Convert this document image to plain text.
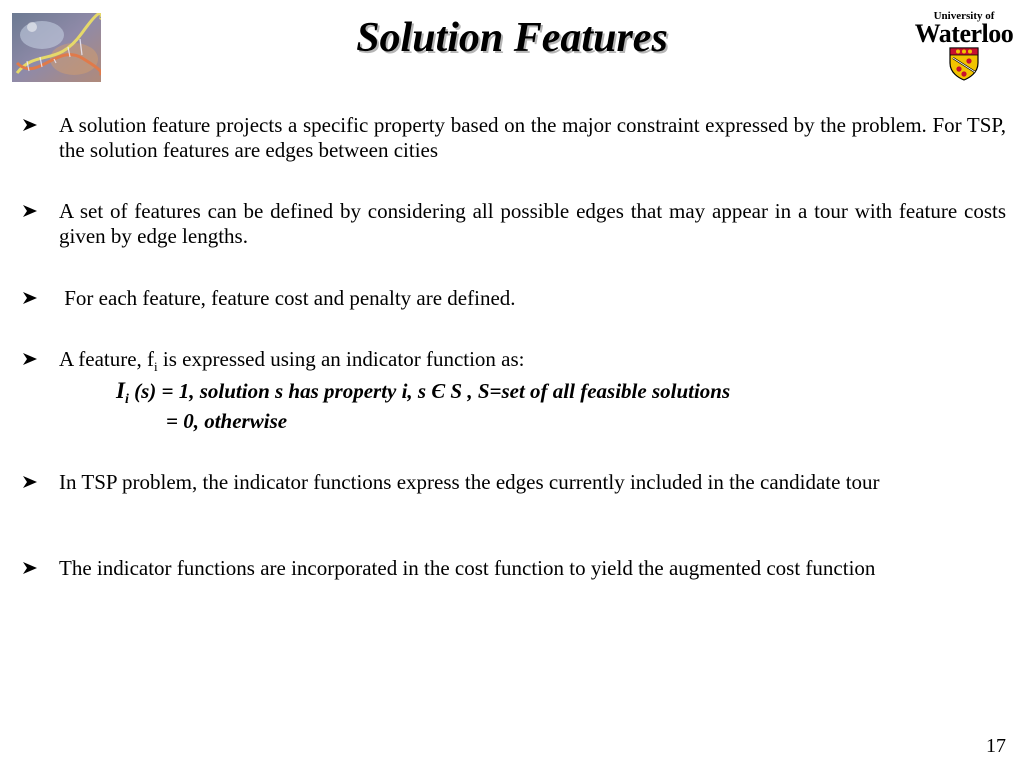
Solution Features	University of
Waterloo
A solution feature projects a specific property based on the major constraint expressed by the problem. For TSP, the solution features are edges between cities
A set of features can be defined by considering all possible edges that may appear in a tour with feature costs given by edge lengths.
For each feature, feature cost and penalty are defined.
A feature, $f_i$ is expressed using an indicator function as:
$I_i$ (s) = 1, solution s has property i, s Є S , S=set of all feasible solutions
= 0, otherwise
In TSP problem, the indicator functions express the edges currently included in the candidate tour
The indicator functions are incorporated in the cost function to yield the augmented cost function
17
